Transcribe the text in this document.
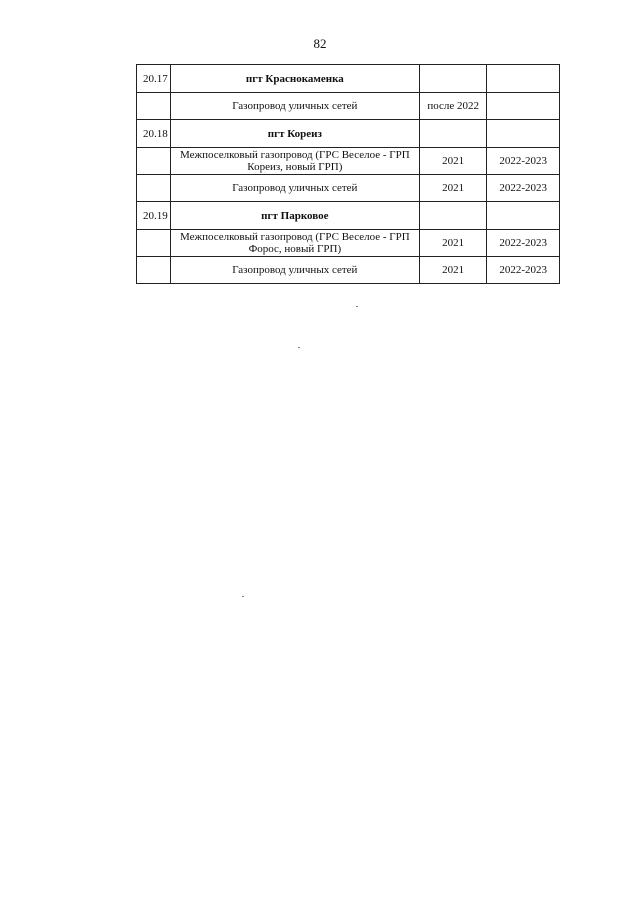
82
20.17	пгт Краснокаменка		
	Газопровод уличных сетей	после 2022	
20.18	пгт Кореиз		
	Межпоселковый газопровод (ГРС Веселое - ГРП Кореиз, новый ГРП)	2021	2022-2023
	Газопровод уличных сетей	2021	2022-2023
20.19	пгт Парковое		
	Межпоселковый газопровод (ГРС Веселое - ГРП Форос, новый ГРП)	2021	2022-2023
	Газопровод уличных сетей	2021	2022-2023
